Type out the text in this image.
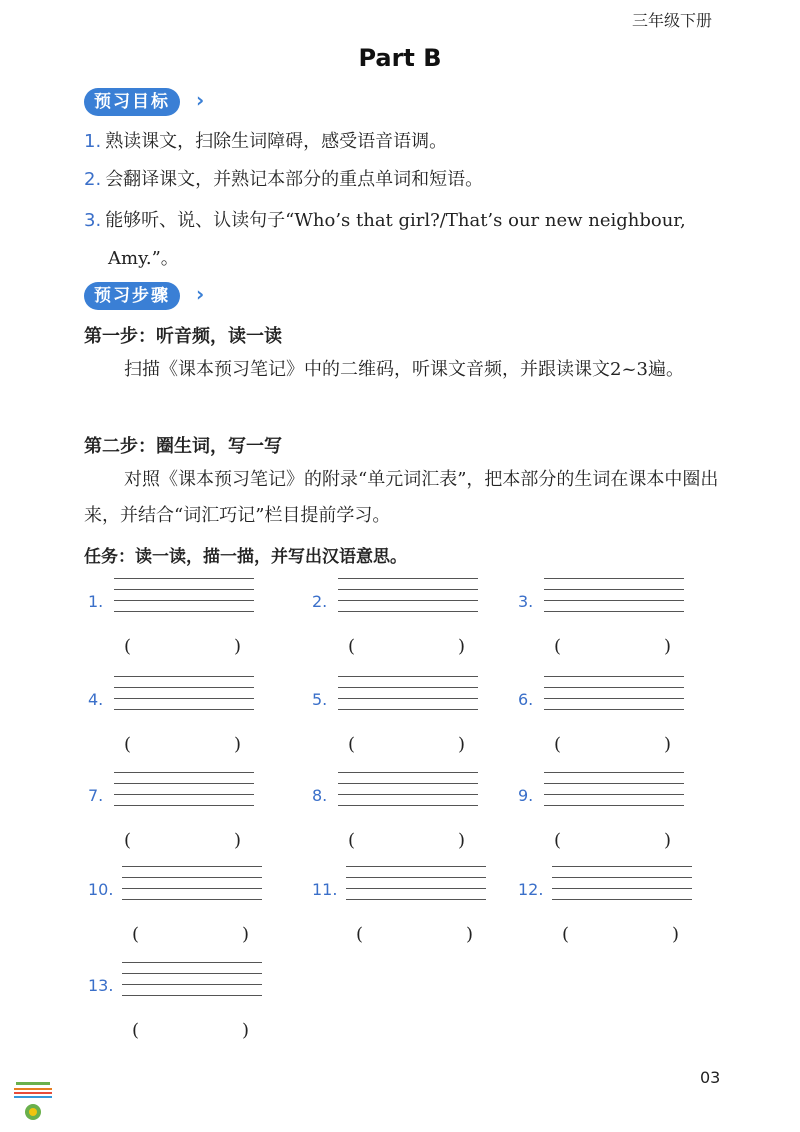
三年级下册
Part B
预习目标	›
1. 熟读课文，扫除生词障碍，感受语音语调。
2. 会翻译课文，并熟记本部分的重点单词和短语。
3. 能够听、说、认读句子“Who’s that girl?/That’s our new neighbour, Amy.”。
预习步骤	›
第一步：听音频，读一读
扫描《课本预习笔记》中的二维码，听课文音频，并跟读课文2~3遍。
第二步：圈生词，写一写
对照《课本预习笔记》的附录“单元词汇表”，把本部分的生词在课本中圈出来，并结合“词汇巧记”栏目提前学习。
任务：读一读，描一描，并写出汉语意思。
1.
(	)
2.
(	)
3.
(	)
4.
(	)
5.
(	)
6.
(	)
7.
(	)
8.
(	)
9.
(	)
10.
(	)
11.
(	)
12.
(	)
13.
(	)
03
